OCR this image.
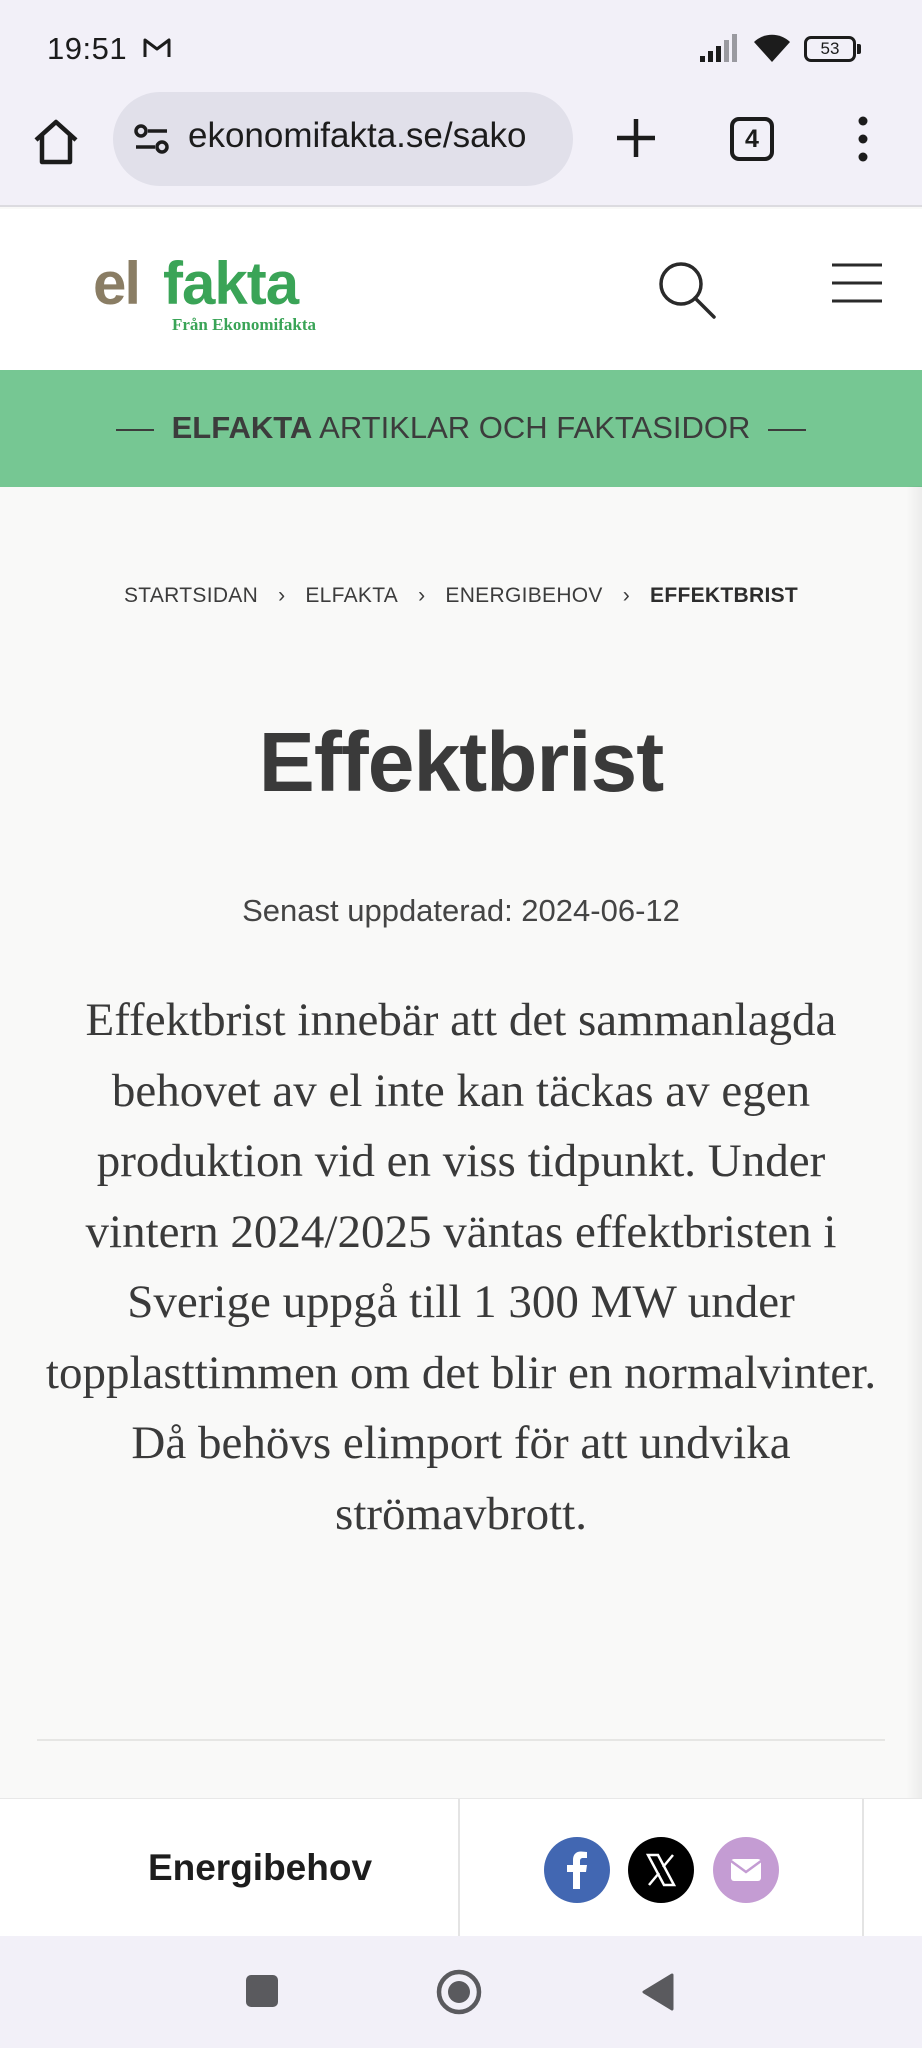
19:51	53
ekonomifakta.se/sako	4
el fakta
Från Ekonomifakta
ELFAKTA ARTIKLAR OCH FAKTASIDOR
STARTSIDAN › ELFAKTA › ENERGIBEHOV › EFFEKTBRIST
Effektbrist
Senast uppdaterad: 2024-06-12

Effektbrist innebär att det sammanlagda behovet av el inte kan täckas av egen produktion vid en viss tidpunkt. Under vintern 2024/2025 väntas effektbristen i Sverige uppgå till 1 300 MW under topplasttimmen om det blir en normalvinter. Då behövs elimport för att undvika strömavbrott.

Energibehov
